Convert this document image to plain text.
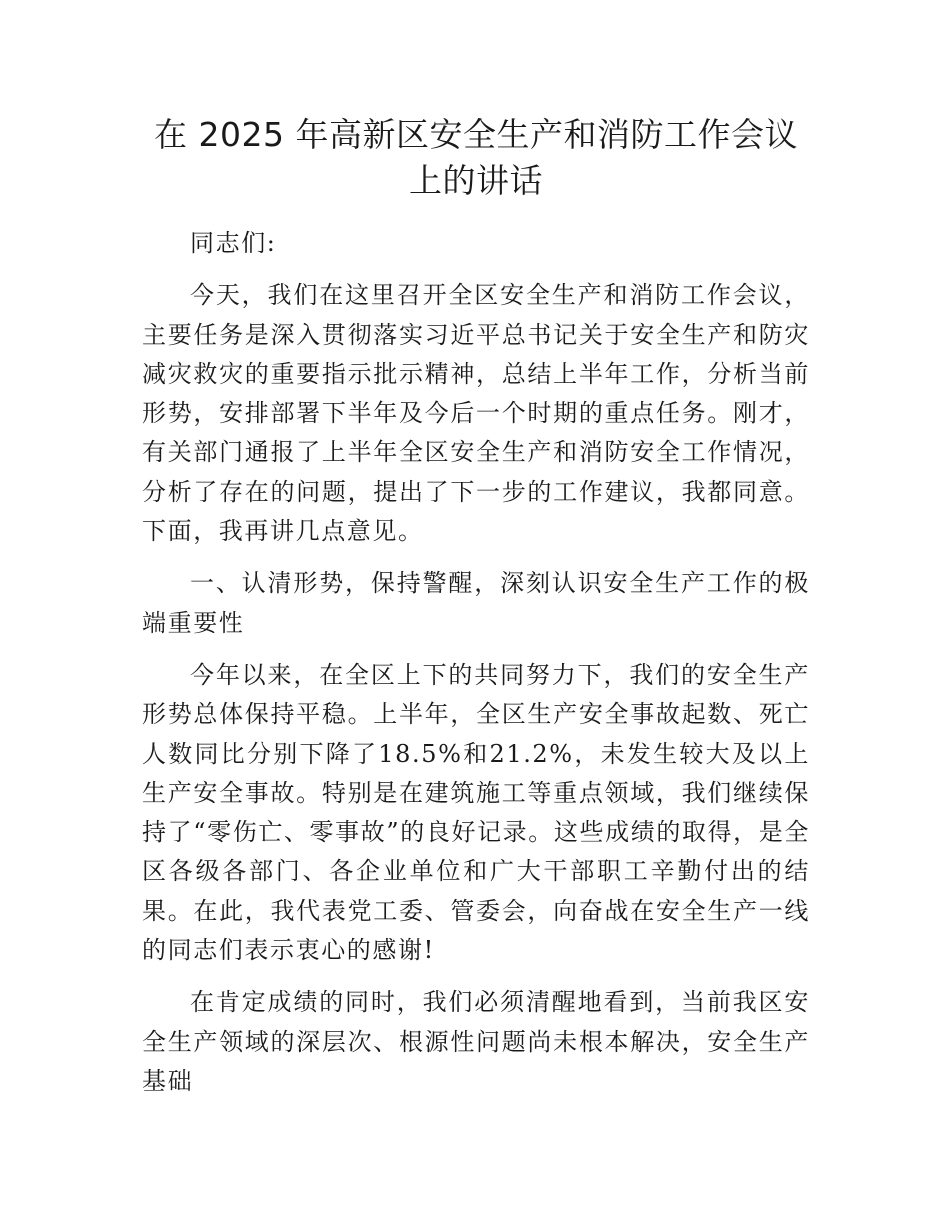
在 2025 年高新区安全生产和消防工作会议上的讲话

同志们:

今天，我们在这里召开全区安全生产和消防工作会议，主要任务是深入贯彻落实习近平总书记关于安全生产和防灾减灾救灾的重要指示批示精神，总结上半年工作，分析当前形势，安排部署下半年及今后一个时期的重点任务。刚才，有关部门通报了上半年全区安全生产和消防安全工作情况，分析了存在的问题，提出了下一步的工作建议，我都同意。下面，我再讲几点意见。

一、认清形势，保持警醒，深刻认识安全生产工作的极端重要性

今年以来，在全区上下的共同努力下，我们的安全生产形势总体保持平稳。上半年，全区生产安全事故起数、死亡人数同比分别下降了18.5%和21.2%，未发生较大及以上生产安全事故。特别是在建筑施工等重点领域，我们继续保持了“零伤亡、零事故”的良好记录。这些成绩的取得，是全区各级各部门、各企业单位和广大干部职工辛勤付出的结果。在此，我代表党工委、管委会，向奋战在安全生产一线的同志们表示衷心的感谢!

在肯定成绩的同时，我们必须清醒地看到，当前我区安全生产领域的深层次、根源性问题尚未根本解决，安全生产基础
